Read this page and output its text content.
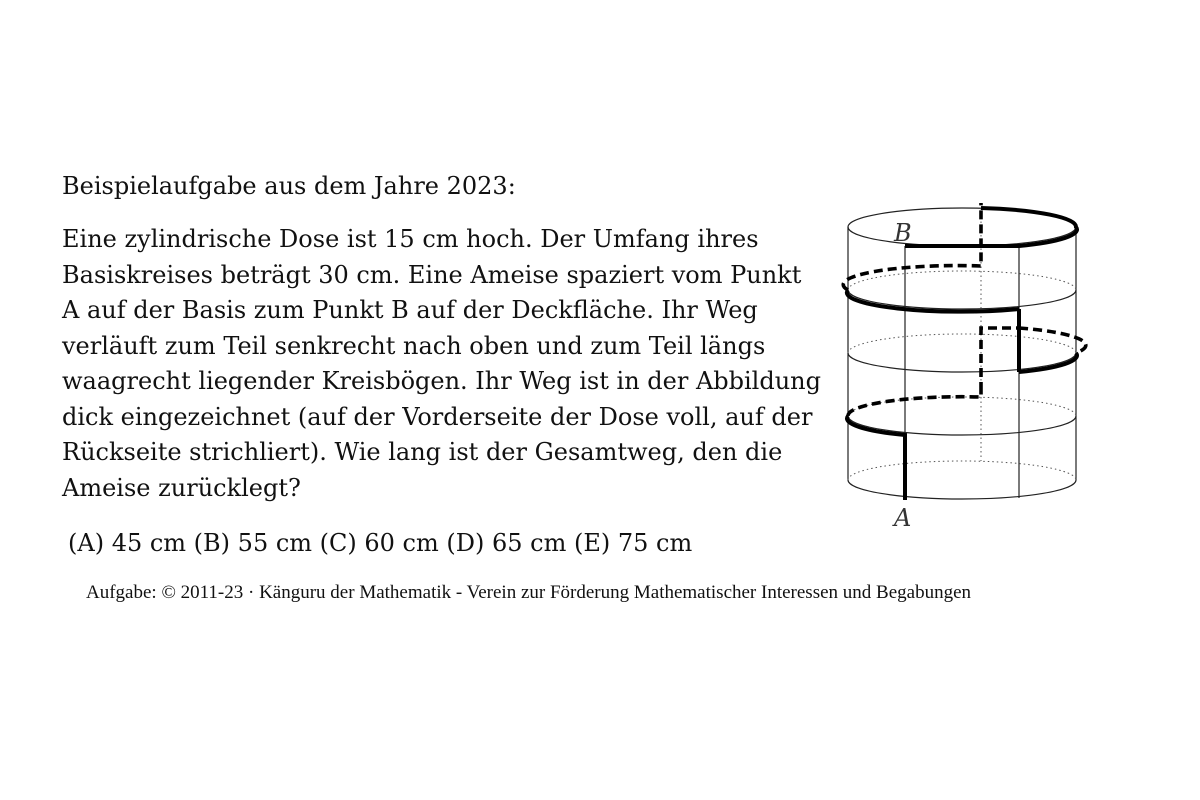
Beispielaufgabe aus dem Jahre 2023:
Eine zylindrische Dose ist 15 cm hoch. Der Umfang ihres
Basiskreises beträgt 30 cm. Eine Ameise spaziert vom Punkt
A auf der Basis zum Punkt B auf der Deckfläche. Ihr Weg
verläuft zum Teil senkrecht nach oben und zum Teil längs
waagrecht liegender Kreisbögen. Ihr Weg ist in der Abbildung
dick eingezeichnet (auf der Vorderseite der Dose voll, auf der
Rückseite strichliert). Wie lang ist der Gesamtweg, den die
Ameise zurücklegt?
B
A
(A) 45 cm (B) 55 cm (C) 60 cm (D) 65 cm (E) 75 cm
Aufgabe: © 2011-23 · Känguru der Mathematik - Verein zur Förderung Mathematischer Interessen und Begabungen
